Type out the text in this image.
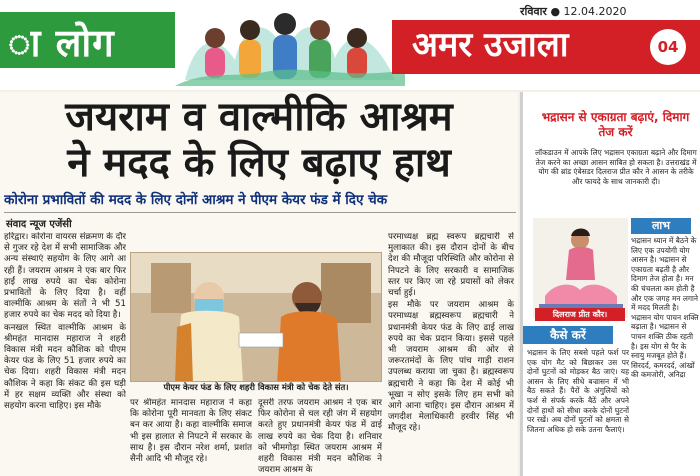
ा लोग
रविवार ● 12.04.2020
अमर उजाला	04
जयराम व वाल्मीकि आश्रम
ने मदद के लिए बढ़ाए हाथ
कोरोना प्रभावितों की मदद के लिए दोनों आश्रम ने पीएम केयर फंड में दिए चेक
संवाद न्यूज एजेंसी

हरिद्वार। कोरोना वायरस संक्रमण के दौर से गुजर रहे देश में सभी सामाजिक और अन्य संस्थाएं सहयोग के लिए आगे आ रही हैं। जयराम आश्रम ने एक बार फिर हाईं लाख रुपये का चेक कोरोना प्रभावितों के लिए दिया है। वहीं वाल्मीकि आश्रम के संतों ने भी 51 हजार रुपये का चेक मदद को दिया है।

कनखल स्थित वाल्मीकि आश्रम के श्रीमहंत मानदास महाराज ने शहरी विकास मंत्री मदन कौशिक को पीएम केयर फंड के लिए 51 हजार रुपये का चेक दिया। शहरी विकास मंत्री मदन कौशिक ने कहा कि संकट की इस घड़ी में हर सक्षम व्यक्ति और संस्था को सहयोग करना चाहिए। इस मौके

पीएम केयर फंड के लिए शहरी विकास मंत्री को चेक देते संत।

पर श्रीमहंत मानदास महाराज ने कहा कि कोरोना पूरी मानवता के लिए संकट बन कर आया है। कहा वाल्मीकि समाज भी इस हालात से निपटने में सरकार के साथ है। इस दौरान नरेश शर्मा, प्रशांत सैनी आदि भी मौजूद रहे।

दूसरी तरफ जयराम आश्रम ने एक बार फिर कोरोना से चल रही जंग में सहयोग करते हुए प्रधानमंत्री केयर फंड में ढाई लाख रुपये का चेक दिया है। शनिवार को भीमगोड़ा स्थित जयराम आश्रम में शहरी विकास मंत्री मदन कौशिक ने जयराम आश्रम के

परमाध्यक्ष ब्रह्म स्वरूप ब्रह्मचारी से मुलाकात की। इस दौरान दोनों के बीच देश की मौजूदा परिस्थिति और कोरोना से निपटने के लिए सरकारी व सामाजिक स्तर पर किए जा रहे प्रयासों को लेकर चर्चा हुई।

इस मौके पर जयराम आश्रम के परमाध्यक्ष ब्रह्मस्वरूप ब्रह्मचारी ने प्रधानमंत्री केयर फंड के लिए ढाई लाख रुपये का चेक प्रदान किया। इससे पहले भी जयराम आश्रम की ओर से जरूरतमंदों के लिए पांच गाड़ी राशन उपलब्ध कराया जा चुका है। ब्रह्मस्वरूप ब्रह्मचारी ने कहा कि देश में कोई भी भूखा न सोए इसके लिए हम सभी को आगे आना चाहिए। इस दौरान आश्रम में जगदीश मेलाधिकारी हरवीर सिंह भी मौजूद रहे।

भद्रासन से एकाग्रता बढ़ाएं, दिमाग तेज करें
लॉकडाउन में आपके लिए भद्रासन एकाग्रता बढ़ाने और दिमाग तेज करने का अच्छा आसन साबित हो सकता है। उत्तराखंड में योग की ब्रांड एंबेसडर दिलराज प्रीत कौर ने आसन के तरीके और फायदे के साथ जानकारी दी।
दिलराज प्रीत कौर।
लाभ
भद्रासन ध्यान में बैठने के लिए एक उपयोगी योग आसन है। भद्रासन से एकाग्रता बढ़ती है और दिमाग तेज होता है। मन की चंचलता कम होती है और एक जगह मन लगाने में मदद मिलती है। भद्रासन योग पाचन शक्ति बढ़ाता है। भद्रासन से पाचन शक्ति ठीक रहती है। इस योग से पैर के स्नायु मजबूत होते हैं। सिरदर्द, कमरदर्द, आंखों की कमजोरी, अनिद्रा
कैसे करें
भद्रासन के लिए सबसे पहले फर्श पर एक योग मैट को बिछाकर उस पर दोनों घुटनों को मोड़कर बैठ जाएं। यह आसन के लिए सीधे बज्रासन में भी बैठ सकते हैं। पैरों के अंगुलियों को फर्श से संपर्क करके बैठें और अपने दोनों हाथों को सीधा करके दोनों घुटनों पर रखें। अब दोनों घुटनों को क्षमता से जितना अधिक हो सके उतना फैलाएं।
